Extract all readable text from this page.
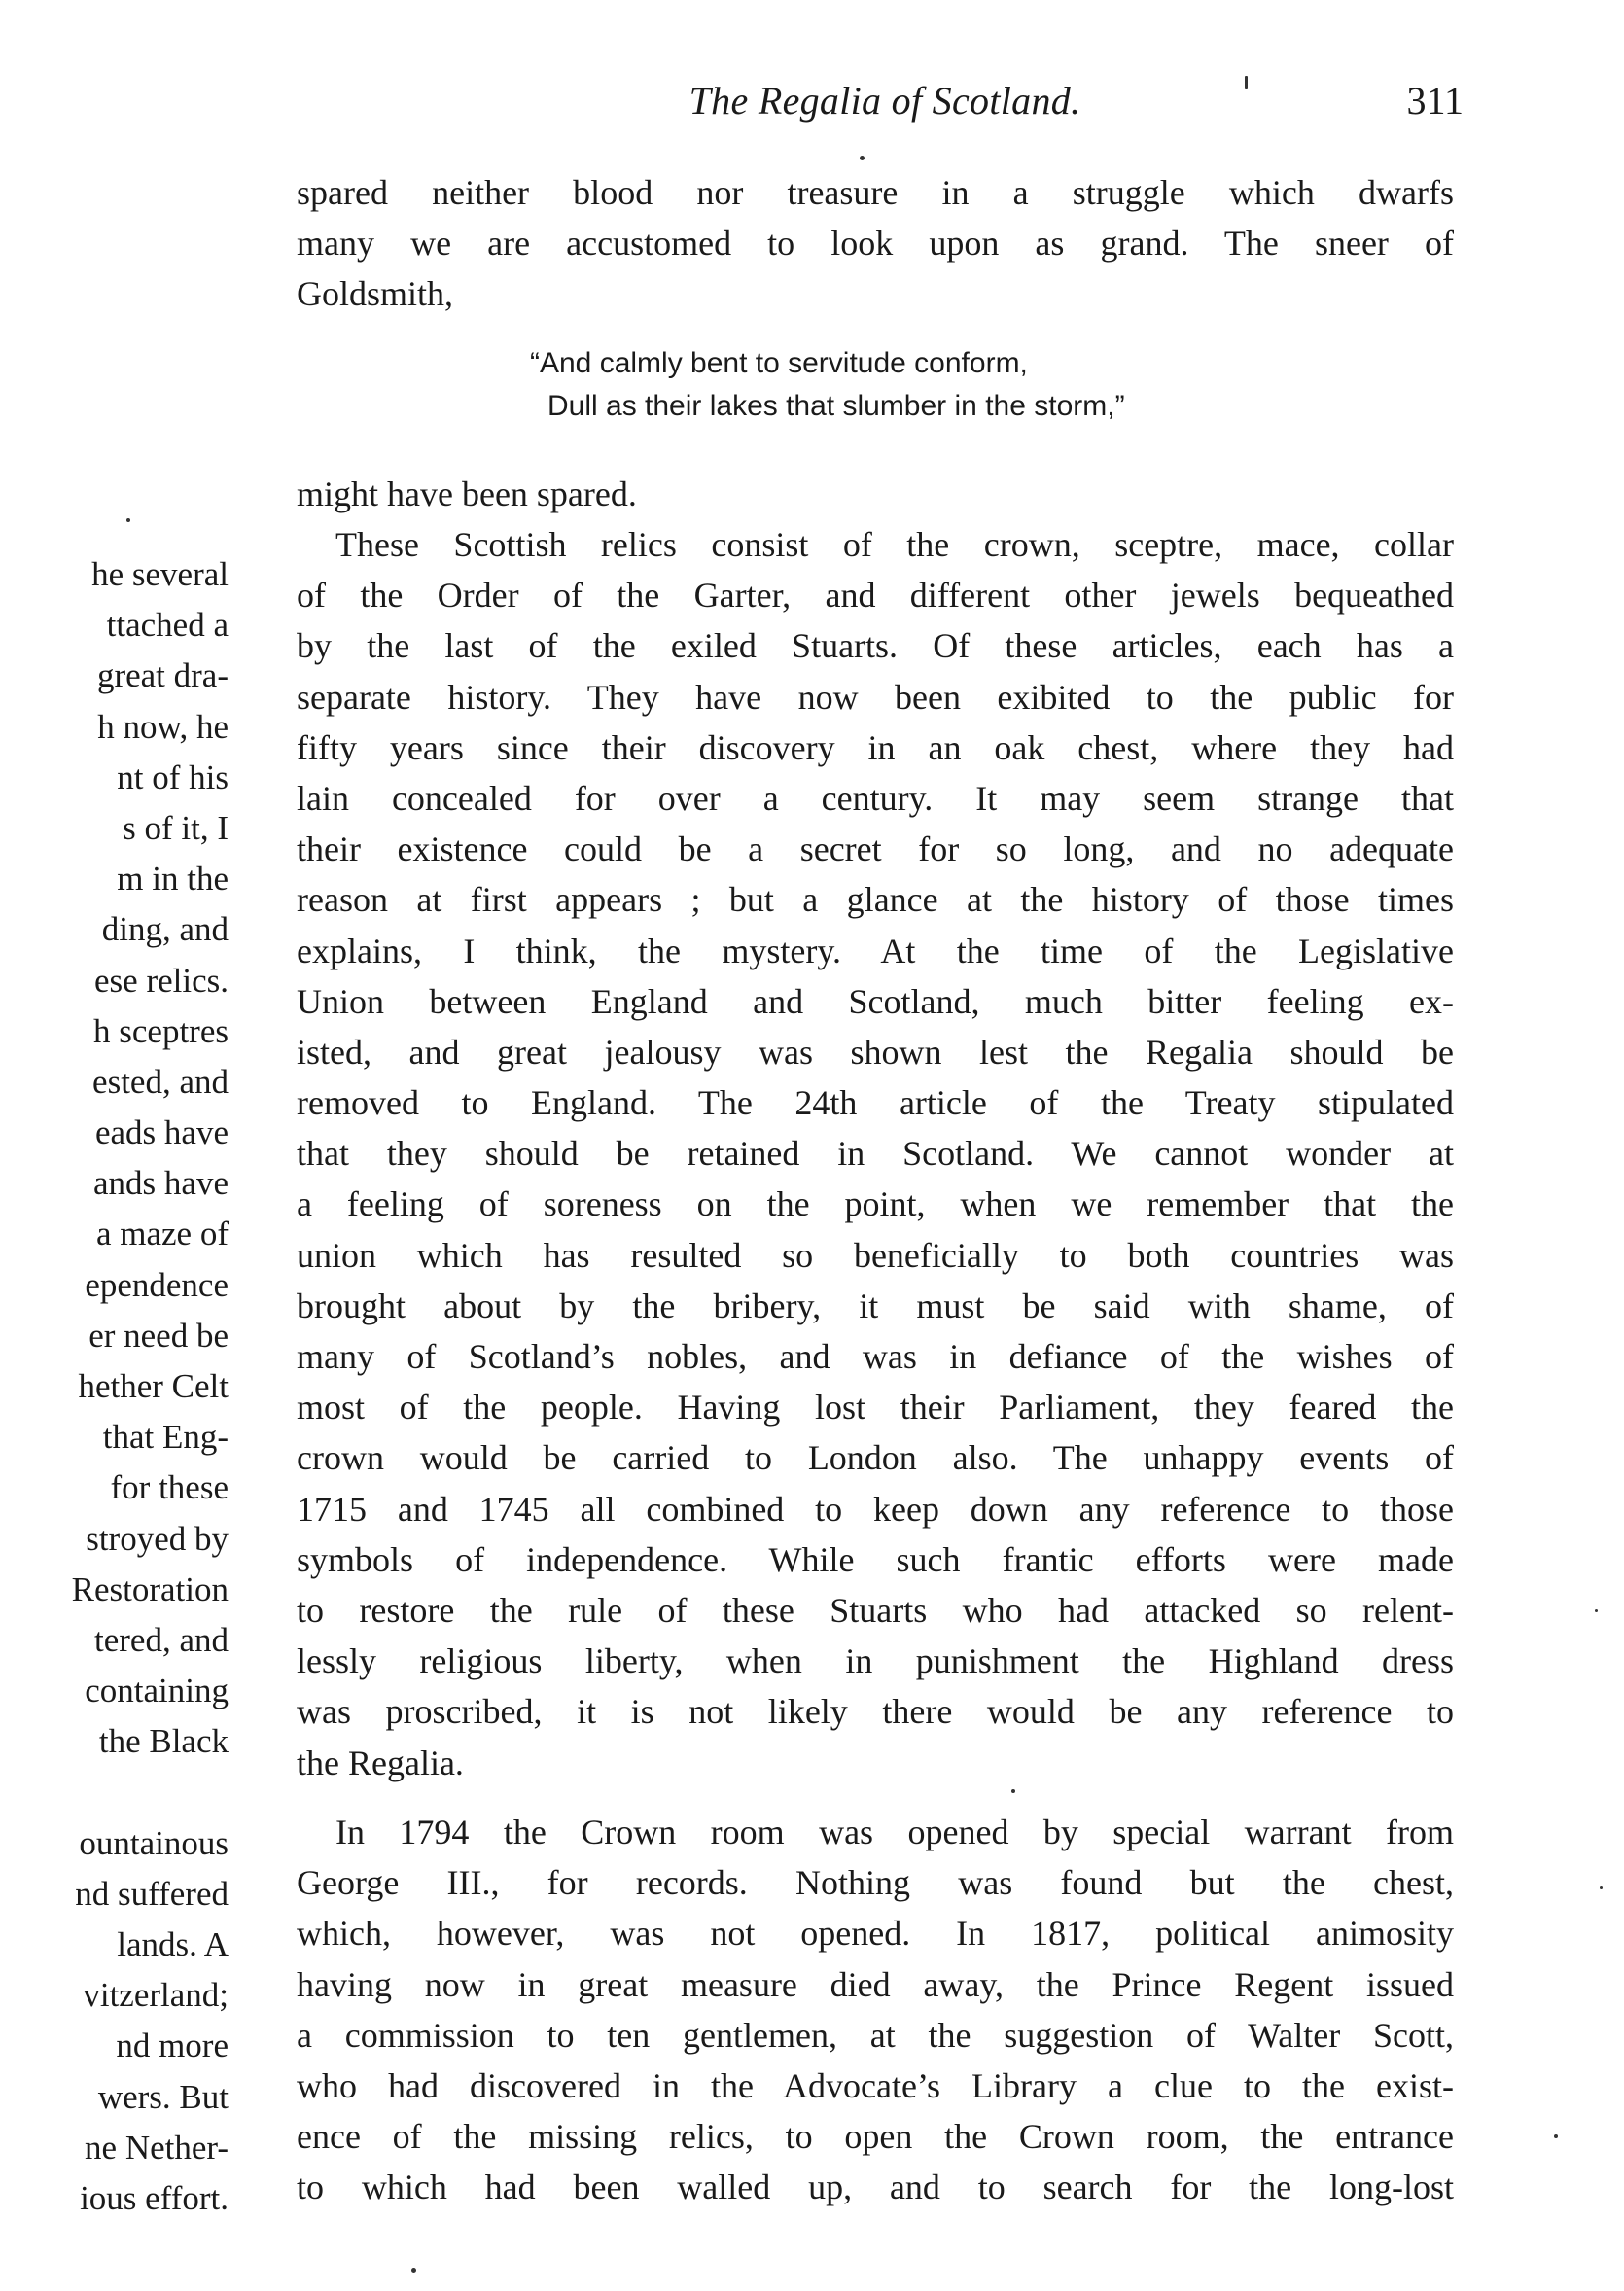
The Regalia of Scotland.	311
spared neither blood nor treasure in a struggle which dwarfs
many we are accustomed to look upon as grand. The sneer of
Goldsmith,
“And calmly bent to servitude conform,
Dull as their lakes that slumber in the storm,”
might have been spared.
These Scottish relics consist of the crown, sceptre, mace, collar
of the Order of the Garter, and different other jewels bequeathed
by the last of the exiled Stuarts. Of these articles, each has a
separate history. They have now been exibited to the public for
fifty years since their discovery in an oak chest, where they had
lain concealed for over a century. It may seem strange that
their existence could be a secret for so long, and no adequate
reason at first appears ; but a glance at the history of those times
explains, I think, the mystery. At the time of the Legislative
Union between England and Scotland, much bitter feeling ex-
isted, and great jealousy was shown lest the Regalia should be
removed to England. The 24th article of the Treaty stipulated
that they should be retained in Scotland. We cannot wonder at
a feeling of soreness on the point, when we remember that the
union which has resulted so beneficially to both countries was
brought about by the bribery, it must be said with shame, of
many of Scotland’s nobles, and was in defiance of the wishes of
most of the people. Having lost their Parliament, they feared the
crown would be carried to London also. The unhappy events of
1715 and 1745 all combined to keep down any reference to those
symbols of independence. While such frantic efforts were made
to restore the rule of these Stuarts who had attacked so relent-
lessly religious liberty, when in punishment the Highland dress
was proscribed, it is not likely there would be any reference to
the Regalia.
In 1794 the Crown room was opened by special warrant from
George III., for records. Nothing was found but the chest,
which, however, was not opened. In 1817, political animosity
having now in great measure died away, the Prince Regent issued
a commission to ten gentlemen, at the suggestion of Walter Scott,
who had discovered in the Advocate’s Library a clue to the exist-
ence of the missing relics, to open the Crown room, the entrance
to which had been walled up, and to search for the long-lost
he several
ttached a
great dra-
h now, he
nt of his
s of it, I
m in the
ding, and
ese relics.
h sceptres
ested, and
eads have
ands have
a maze of
ependence
er need be
hether Celt
that Eng-
for these
stroyed by
Restoration
tered, and
containing
the Black
ountainous
nd suffered
lands. A
vitzerland;
nd more
wers. But
ne Nether-
ious effort.
